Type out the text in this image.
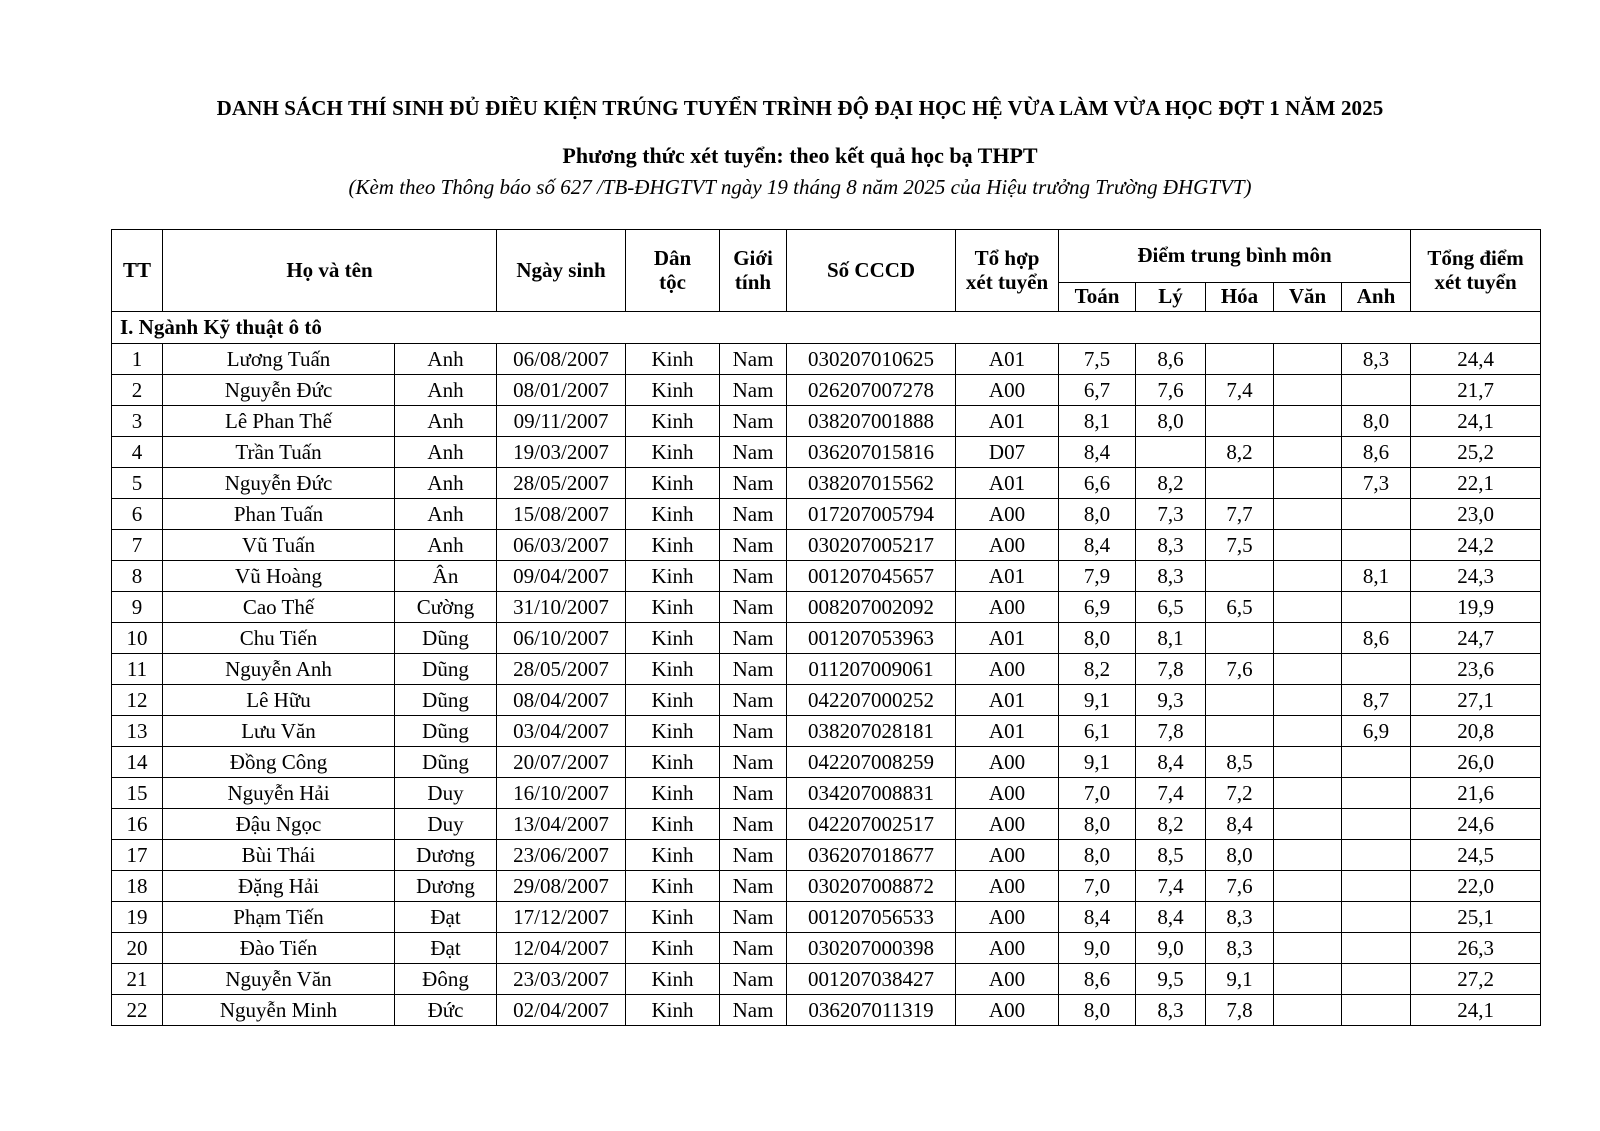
DANH SÁCH THÍ SINH ĐỦ ĐIỀU KIỆN TRÚNG TUYỂN TRÌNH ĐỘ ĐẠI HỌC HỆ VỪA LÀM VỪA HỌC ĐỢT 1 NĂM 2025
Phương thức xét tuyển: theo kết quả học bạ THPT
(Kèm theo Thông báo số 627 /TB-ĐHGTVT ngày 19 tháng 8 năm 2025 của Hiệu trưởng Trường ĐHGTVT)
TT	Họ và tên		Ngày sinh	Dân tộc	Giới tính	Số CCCD	Tổ hợp xét tuyển	Điểm trung bình môn					Tổng điểm xét tuyển
								Toán	Lý	Hóa	Văn	Anh	
I. Ngành Kỹ thuật ô tô													
1	Lương Tuấn	Anh	06/08/2007	Kinh	Nam	030207010625	A01	7,5	8,6			8,3	24,4
2	Nguyễn Đức	Anh	08/01/2007	Kinh	Nam	026207007278	A00	6,7	7,6	7,4			21,7
3	Lê Phan Thế	Anh	09/11/2007	Kinh	Nam	038207001888	A01	8,1	8,0			8,0	24,1
4	Trần Tuấn	Anh	19/03/2007	Kinh	Nam	036207015816	D07	8,4		8,2		8,6	25,2
5	Nguyễn Đức	Anh	28/05/2007	Kinh	Nam	038207015562	A01	6,6	8,2			7,3	22,1
6	Phan Tuấn	Anh	15/08/2007	Kinh	Nam	017207005794	A00	8,0	7,3	7,7			23,0
7	Vũ Tuấn	Anh	06/03/2007	Kinh	Nam	030207005217	A00	8,4	8,3	7,5			24,2
8	Vũ Hoàng	Ân	09/04/2007	Kinh	Nam	001207045657	A01	7,9	8,3			8,1	24,3
9	Cao Thế	Cường	31/10/2007	Kinh	Nam	008207002092	A00	6,9	6,5	6,5			19,9
10	Chu Tiến	Dũng	06/10/2007	Kinh	Nam	001207053963	A01	8,0	8,1			8,6	24,7
11	Nguyễn Anh	Dũng	28/05/2007	Kinh	Nam	011207009061	A00	8,2	7,8	7,6			23,6
12	Lê Hữu	Dũng	08/04/2007	Kinh	Nam	042207000252	A01	9,1	9,3			8,7	27,1
13	Lưu Văn	Dũng	03/04/2007	Kinh	Nam	038207028181	A01	6,1	7,8			6,9	20,8
14	Đồng Công	Dũng	20/07/2007	Kinh	Nam	042207008259	A00	9,1	8,4	8,5			26,0
15	Nguyễn Hải	Duy	16/10/2007	Kinh	Nam	034207008831	A00	7,0	7,4	7,2			21,6
16	Đậu Ngọc	Duy	13/04/2007	Kinh	Nam	042207002517	A00	8,0	8,2	8,4			24,6
17	Bùi Thái	Dương	23/06/2007	Kinh	Nam	036207018677	A00	8,0	8,5	8,0			24,5
18	Đặng Hải	Dương	29/08/2007	Kinh	Nam	030207008872	A00	7,0	7,4	7,6			22,0
19	Phạm Tiến	Đạt	17/12/2007	Kinh	Nam	001207056533	A00	8,4	8,4	8,3			25,1
20	Đào Tiến	Đạt	12/04/2007	Kinh	Nam	030207000398	A00	9,0	9,0	8,3			26,3
21	Nguyễn Văn	Đông	23/03/2007	Kinh	Nam	001207038427	A00	8,6	9,5	9,1			27,2
22	Nguyễn Minh	Đức	02/04/2007	Kinh	Nam	036207011319	A00	8,0	8,3	7,8			24,1
